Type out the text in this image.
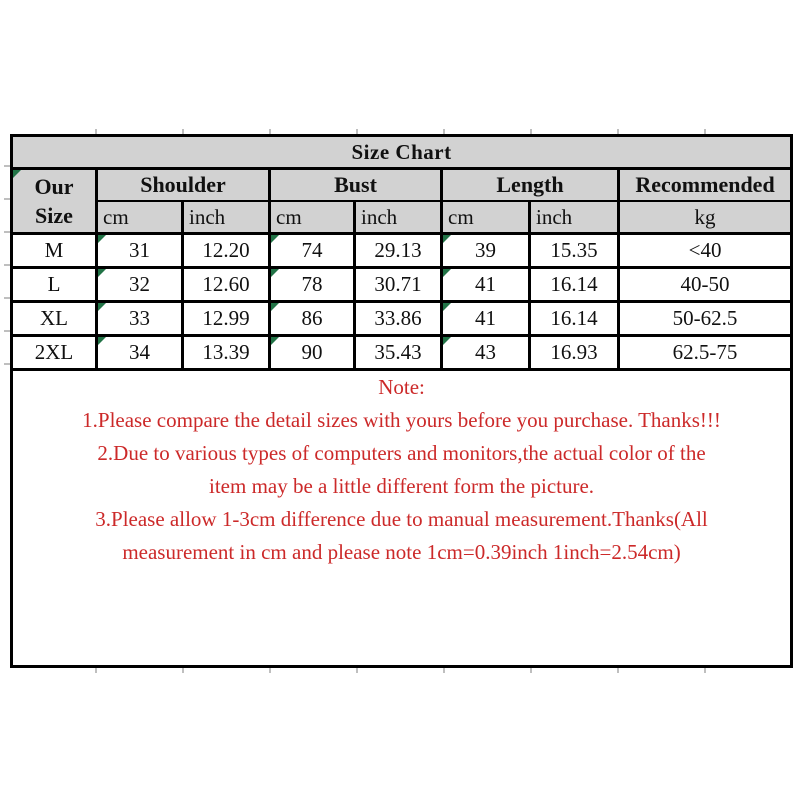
Size Chart							

Our
Size	Shoulder		Bust		Length		Recommended
	cm	inch	cm	inch	cm	inch	kg
M	31	12.20	74	29.13	39	15.35	<40
L	32	12.60	78	30.71	41	16.14	40-50
XL	33	12.99	86	33.86	41	16.14	50-62.5
2XL	34	13.39	90	35.43	43	16.93	62.5-75

Note:
1.Please compare the detail sizes with yours before you purchase. Thanks!!!
2.Due to various types of computers and monitors,the actual color of the
item may be a little different form the picture.
3.Please allow 1-3cm difference due to manual measurement.Thanks(All
measurement in cm and please note 1cm=0.39inch 1inch=2.54cm)
